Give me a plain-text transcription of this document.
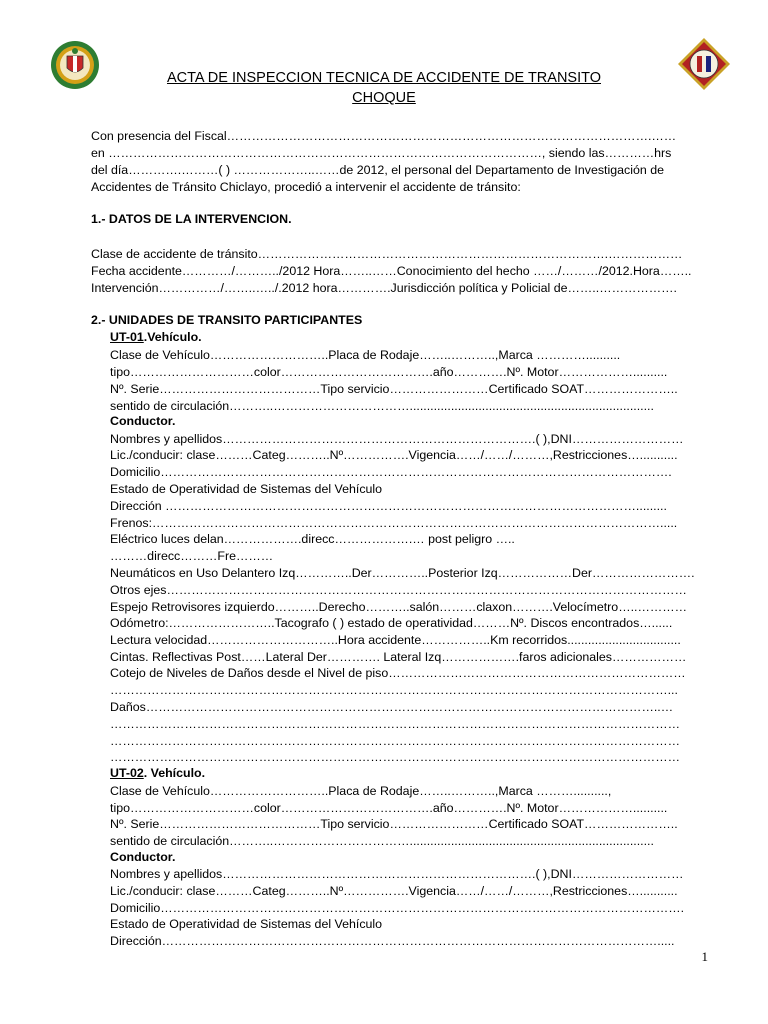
ACTA DE INSPECCION TECNICA DE ACCIDENTE DE TRANSITO
CHOQUE
Con presencia del Fiscal………………………………………………………………………………………….……
en ……………………………………………………………………………………………, siendo las…………hrs
del día………….………( ) ………………..……de 2012, el personal del Departamento de Investigación de
Accidentes de Tránsito Chiclayo, procedió a intervenir el accidente de tránsito:
1.- DATOS DE LA INTERVENCION.
Clase de accidente de tránsito………………………………………………………………………….………………
Fecha accidente…………/………../2012 Hora……..……Conocimiento del hecho ……/………/2012.Hora……..
Intervención……………/……..…../.2012 hora………….Jurisdicción política y Policial de……..……………….
2.- UNIDADES DE TRANSITO PARTICIPANTES
UT-01.Vehículo.
Clase de Vehículo………………………..Placa de Rodaje……..………..,Marca …………..........
tipo…………………………color……………………………….año………….Nº. Motor………………..........
Nº. Serie…………………………………Tipo servicio……………………Certificado SOAT…………………..
sentido de circulación………..…………………………….......................................................................
Conductor.
Nombres y apellidos………………………………………………………………….( ),DNI………………………
Lic./conducir: clase………Categ………..Nº…………….Vigencia……/……/………,Restricciones…...........
Domicilio…………………………………………………………………………………………………………….
Estado de Operatividad de Sistemas del Vehículo
Dirección …………………………………………………………………………………………………….........
Frenos:…………………………………………………………………………………………………………….....
Eléctrico luces delan……………….direcc……………….… post peligro …..
………direcc………Fre………
Neumáticos en Uso Delantero Izq…………..Der…………..Posterior Izq………………Der…………………….
Otros ejes………………………………………………………………………………………………………………
Espejo Retrovisores izquierdo………..Derecho………..salón………claxon……….Velocímetro…..…………
Odómetro:……………………..Tacografo ( ) estado de operatividad………Nº. Discos encontrados…......
Lectura velocidad…………………………..Hora accidente……………..Km recorridos.................................
Cintas. Reflectivas Post……Lateral Der…………. Lateral Izq……………….faros adicionales………………
Cotejo de Niveles de Daños desde el Nivel de piso………………………………………………………………
………………………………………………………………………………………………………………………...
Daños……………………………………………………………………………………………………………..…
…………………………………………………………………………………………………………………………
…………………………………………………………………………………………………………………………
…………………………………………………………………………………………………………………………
UT-02. Vehículo.
Clase de Vehículo………………………..Placa de Rodaje……..………..,Marca ………..........,
tipo…………………………color……………………………….año………….Nº. Motor………………..........
Nº. Serie…………………………………Tipo servicio……………………Certificado SOAT…………………..
sentido de circulación………..…………………………….......................................................................
Conductor.
Nombres y apellidos………………………………………………………………….( ),DNI………………………
Lic./conducir: clase………Categ………..Nº…………….Vigencia……/……/………,Restricciones…...........
Domicilio……………………………………………………………………………………………………………….
Estado de Operatividad de Sistemas del Vehículo
Dirección………………………………………………………………………………………………………….....
1
